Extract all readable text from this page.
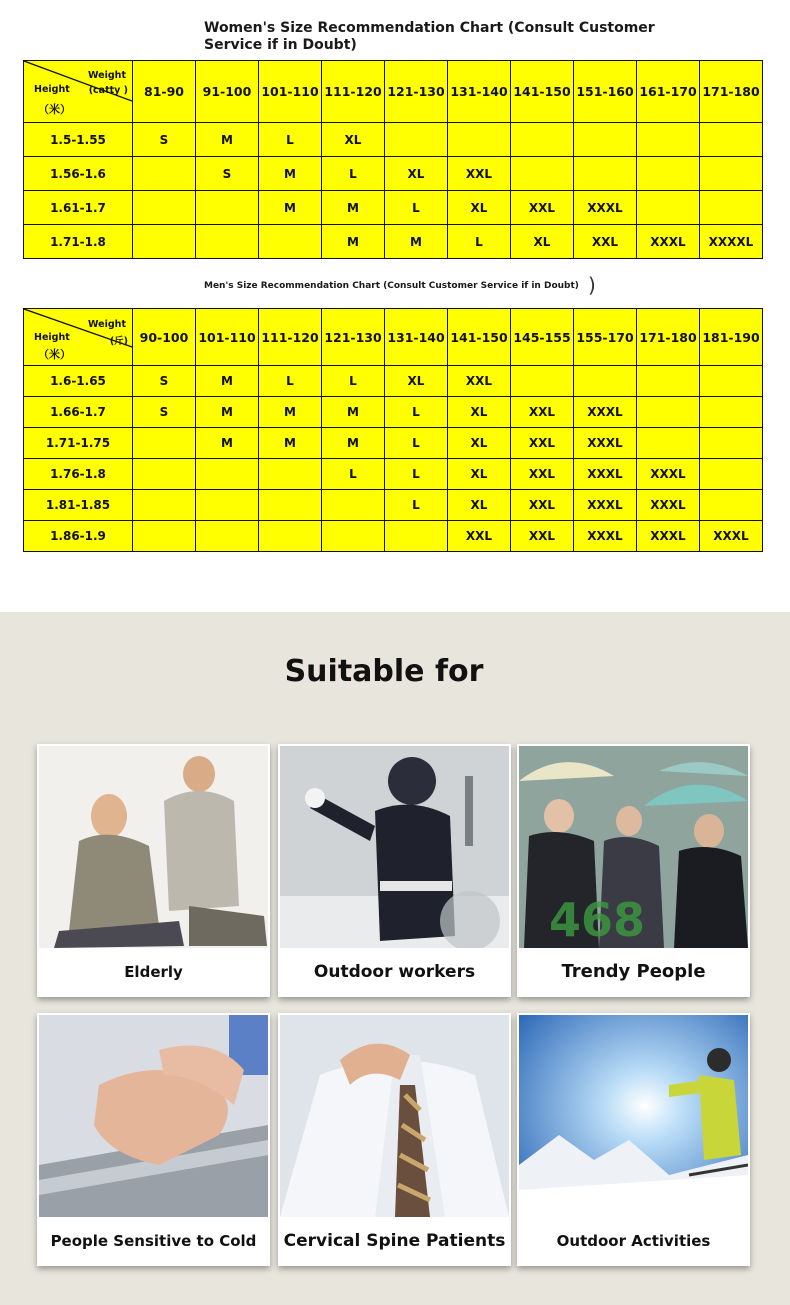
Women's Size Recommendation Chart (Consult Customer Service if in Doubt)
Weight
(catty )
Height
（米）	81-90	91-100	101-110	111-120	121-130	131-140	141-150	151-160	161-170	171-180
1.5-1.55	S	M	L	XL						
1.56-1.6		S	M	L	XL	XXL				
1.61-1.7			M	M	L	XL	XXL	XXXL		
1.71-1.8				M	M	L	XL	XXL	XXXL	XXXXL
Men's Size Recommendation Chart (Consult Customer Service if in Doubt) )
Weight
(斤)
Height
（米）	90-100	101-110	111-120	121-130	131-140	141-150	145-155	155-170	171-180	181-190
1.6-1.65	S	M	L	L	XL	XXL				
1.66-1.7	S	M	M	M	L	XL	XXL	XXXL		
1.71-1.75		M	M	M	L	XL	XXL	XXXL		
1.76-1.8				L	L	XL	XXL	XXXL	XXXL	
1.81-1.85					L	XL	XXL	XXXL	XXXL	
1.86-1.9						XXL	XXL	XXXL	XXXL	XXXL
Suitable for
Elderly	Outdoor workers
468
Trendy People
People Sensitive to Cold	Cervical Spine Patients	Outdoor Activities
